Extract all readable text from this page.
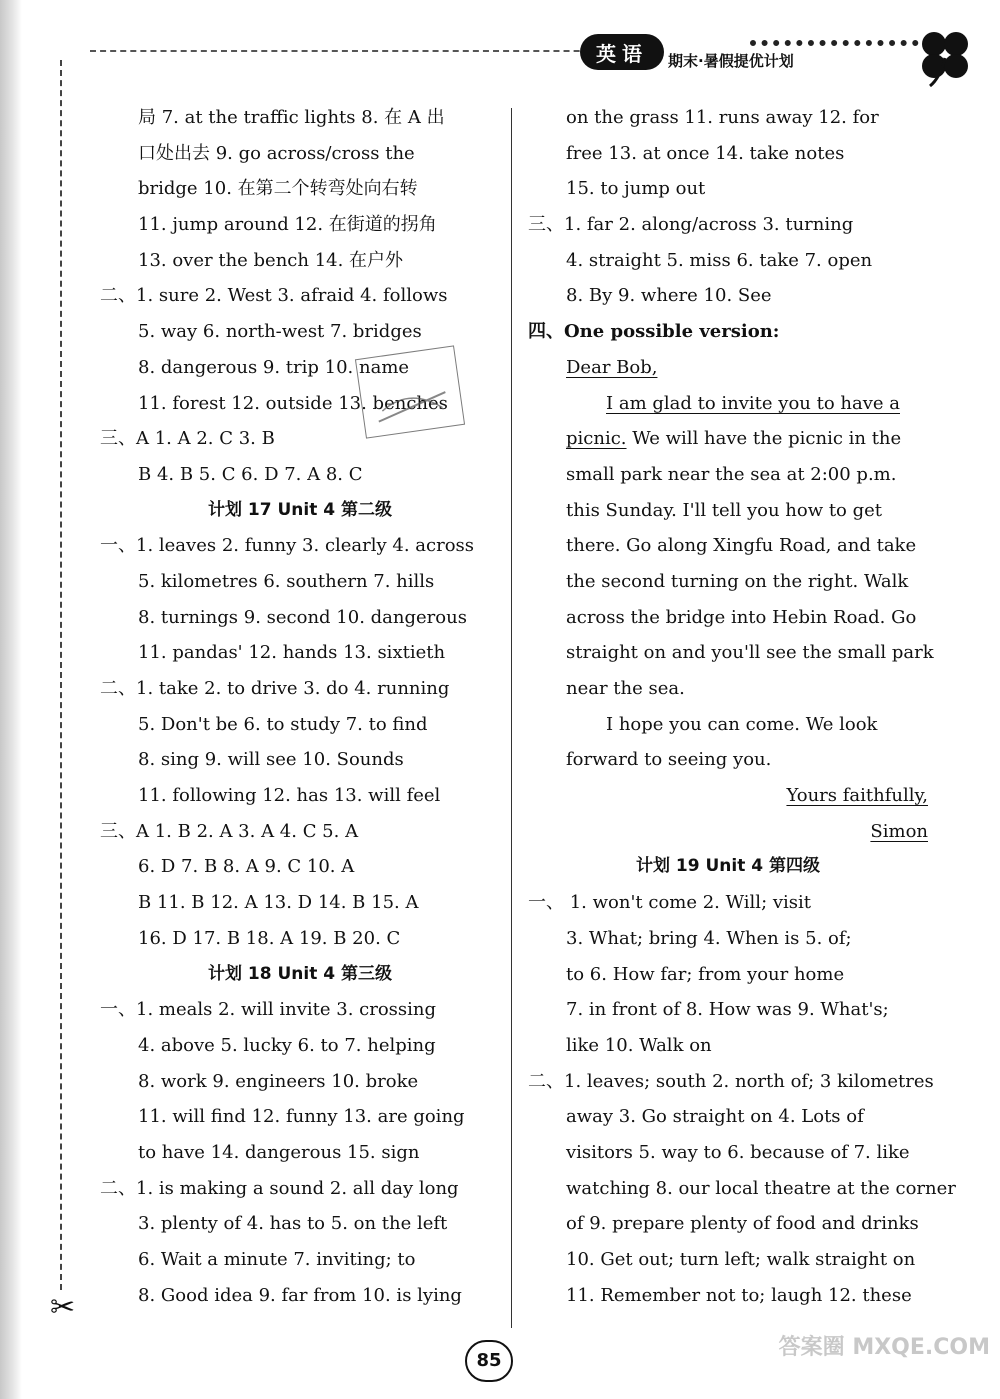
✂
英语	期末·暑假提优计划
局 7. at the traffic lights 8. 在 A 出
口处出去 9. go across/cross the
bridge 10. 在第二个转弯处向右转
11. jump around 12. 在街道的拐角
13. over the bench 14. 在户外
二、1. sure 2. West 3. afraid 4. follows
5. way 6. north-west 7. bridges
8. dangerous 9. trip 10. name
11. forest 12. outside 13. benches
三、A 1. A 2. C 3. B
B 4. B 5. C 6. D 7. A 8. C
计划 17 Unit 4 第二级
一、1. leaves 2. funny 3. clearly 4. across
5. kilometres 6. southern 7. hills
8. turnings 9. second 10. dangerous
11. pandas' 12. hands 13. sixtieth
二、1. take 2. to drive 3. do 4. running
5. Don't be 6. to study 7. to find
8. sing 9. will see 10. Sounds
11. following 12. has 13. will feel
三、A 1. B 2. A 3. A 4. C 5. A
6. D 7. B 8. A 9. C 10. A
B 11. B 12. A 13. D 14. B 15. A
16. D 17. B 18. A 19. B 20. C
计划 18 Unit 4 第三级
一、1. meals 2. will invite 3. crossing
4. above 5. lucky 6. to 7. helping
8. work 9. engineers 10. broke
11. will find 12. funny 13. are going
to have 14. dangerous 15. sign
二、1. is making a sound 2. all day long
3. plenty of 4. has to 5. on the left
6. Wait a minute 7. inviting; to
8. Good idea 9. far from 10. is lying
on the grass 11. runs away 12. for
free 13. at once 14. take notes
15. to jump out
三、1. far 2. along/across 3. turning
4. straight 5. miss 6. take 7. open
8. By 9. where 10. See
四、One possible version:
Dear Bob,
I am glad to invite you to have a
picnic. We will have the picnic in the
small park near the sea at 2:00 p.m.
this Sunday. I'll tell you how to get
there. Go along Xingfu Road, and take
the second turning on the right. Walk
across the bridge into Hebin Road. Go
straight on and you'll see the small park
near the sea.
I hope you can come. We look
forward to seeing you.
Yours faithfully,
Simon
计划 19 Unit 4 第四级
一、 1. won't come 2. Will; visit
3. What; bring 4. When is 5. of;
to 6. How far; from your home
7. in front of 8. How was 9. What's;
like 10. Walk on
二、1. leaves; south 2. north of; 3 kilometres
away 3. Go straight on 4. Lots of
visitors 5. way to 6. because of 7. like
watching 8. our local theatre at the corner
of 9. prepare plenty of food and drinks
10. Get out; turn left; walk straight on
11. Remember not to; laugh 12. these
85
答案圈 MXQE.COM
